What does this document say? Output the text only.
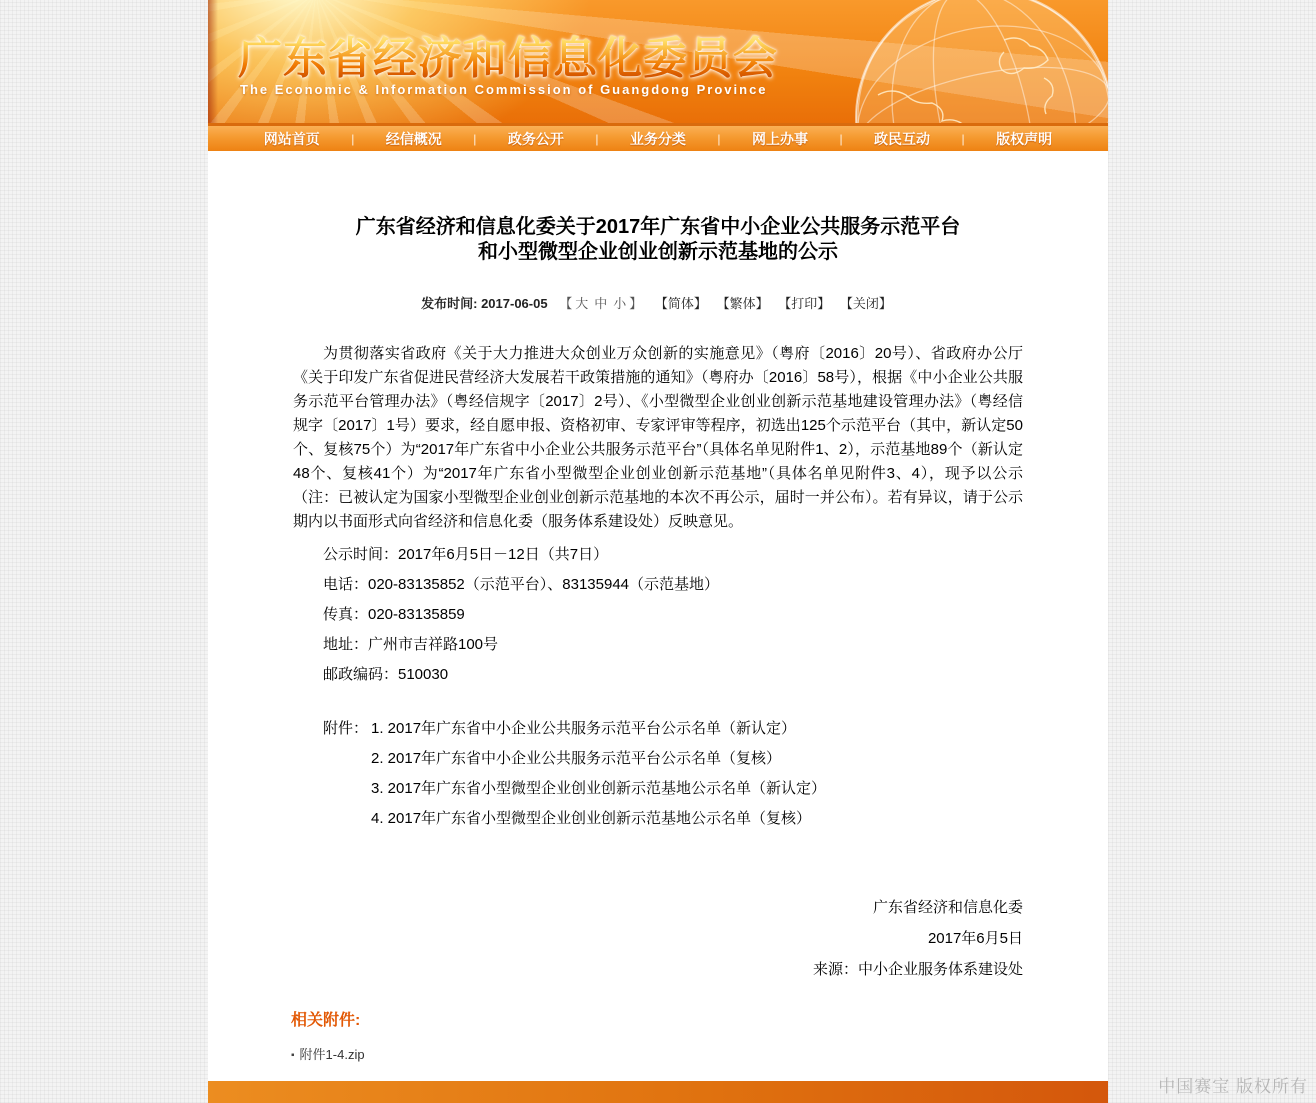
广东省经济和信息化委员会
The Economic & Information Commission of Guangdong Province
网站首页	| 经信概况	| 政务公开	| 业务分类	| 网上办事	| 政民互动	| 版权声明
广东省经济和信息化委关于2017年广东省中小企业公共服务示范平台
和小型微型企业创业创新示范基地的公示
发布时间: 2017-06-05 【 大 中 小 】 【简体】 【繁体】 【打印】 【关闭】

为贯彻落实省政府《关于大力推进大众创业万众创新的实施意见》（粤府〔2016〕20号）、省政府办公厅《关于印发广东省促进民营经济大发展若干政策措施的通知》（粤府办〔2016〕58号），根据《中小企业公共服务示范平台管理办法》（粤经信规字〔2017〕2号）、《小型微型企业创业创新示范基地建设管理办法》（粤经信规字〔2017〕1号）要求，经自愿申报、资格初审、专家评审等程序，初选出125个示范平台（其中，新认定50个、复核75个）为“2017年广东省中小企业公共服务示范平台”（具体名单见附件1、2），示范基地89个（新认定48个、复核41个）为“2017年广东省小型微型企业创业创新示范基地”（具体名单见附件3、4），现予以公示（注：已被认定为国家小型微型企业创业创新示范基地的本次不再公示，届时一并公布）。若有异议，请于公示期内以书面形式向省经济和信息化委（服务体系建设处）反映意见。

公示时间：2017年6月5日－12日（共7日）

电话：020-83135852（示范平台）、83135944（示范基地）

传真：020-83135859

地址：广州市吉祥路100号

邮政编码：510030

附件： 1. 2017年广东省中小企业公共服务示范平台公示名单（新认定）

2. 2017年广东省中小企业公共服务示范平台公示名单（复核）

3. 2017年广东省小型微型企业创业创新示范基地公示名单（新认定）

4. 2017年广东省小型微型企业创业创新示范基地公示名单（复核）

广东省经济和信息化委
2017年6月5日
来源：中小企业服务体系建设处
相关附件:
▪ 附件1-4.zip
中国赛宝 版权所有
